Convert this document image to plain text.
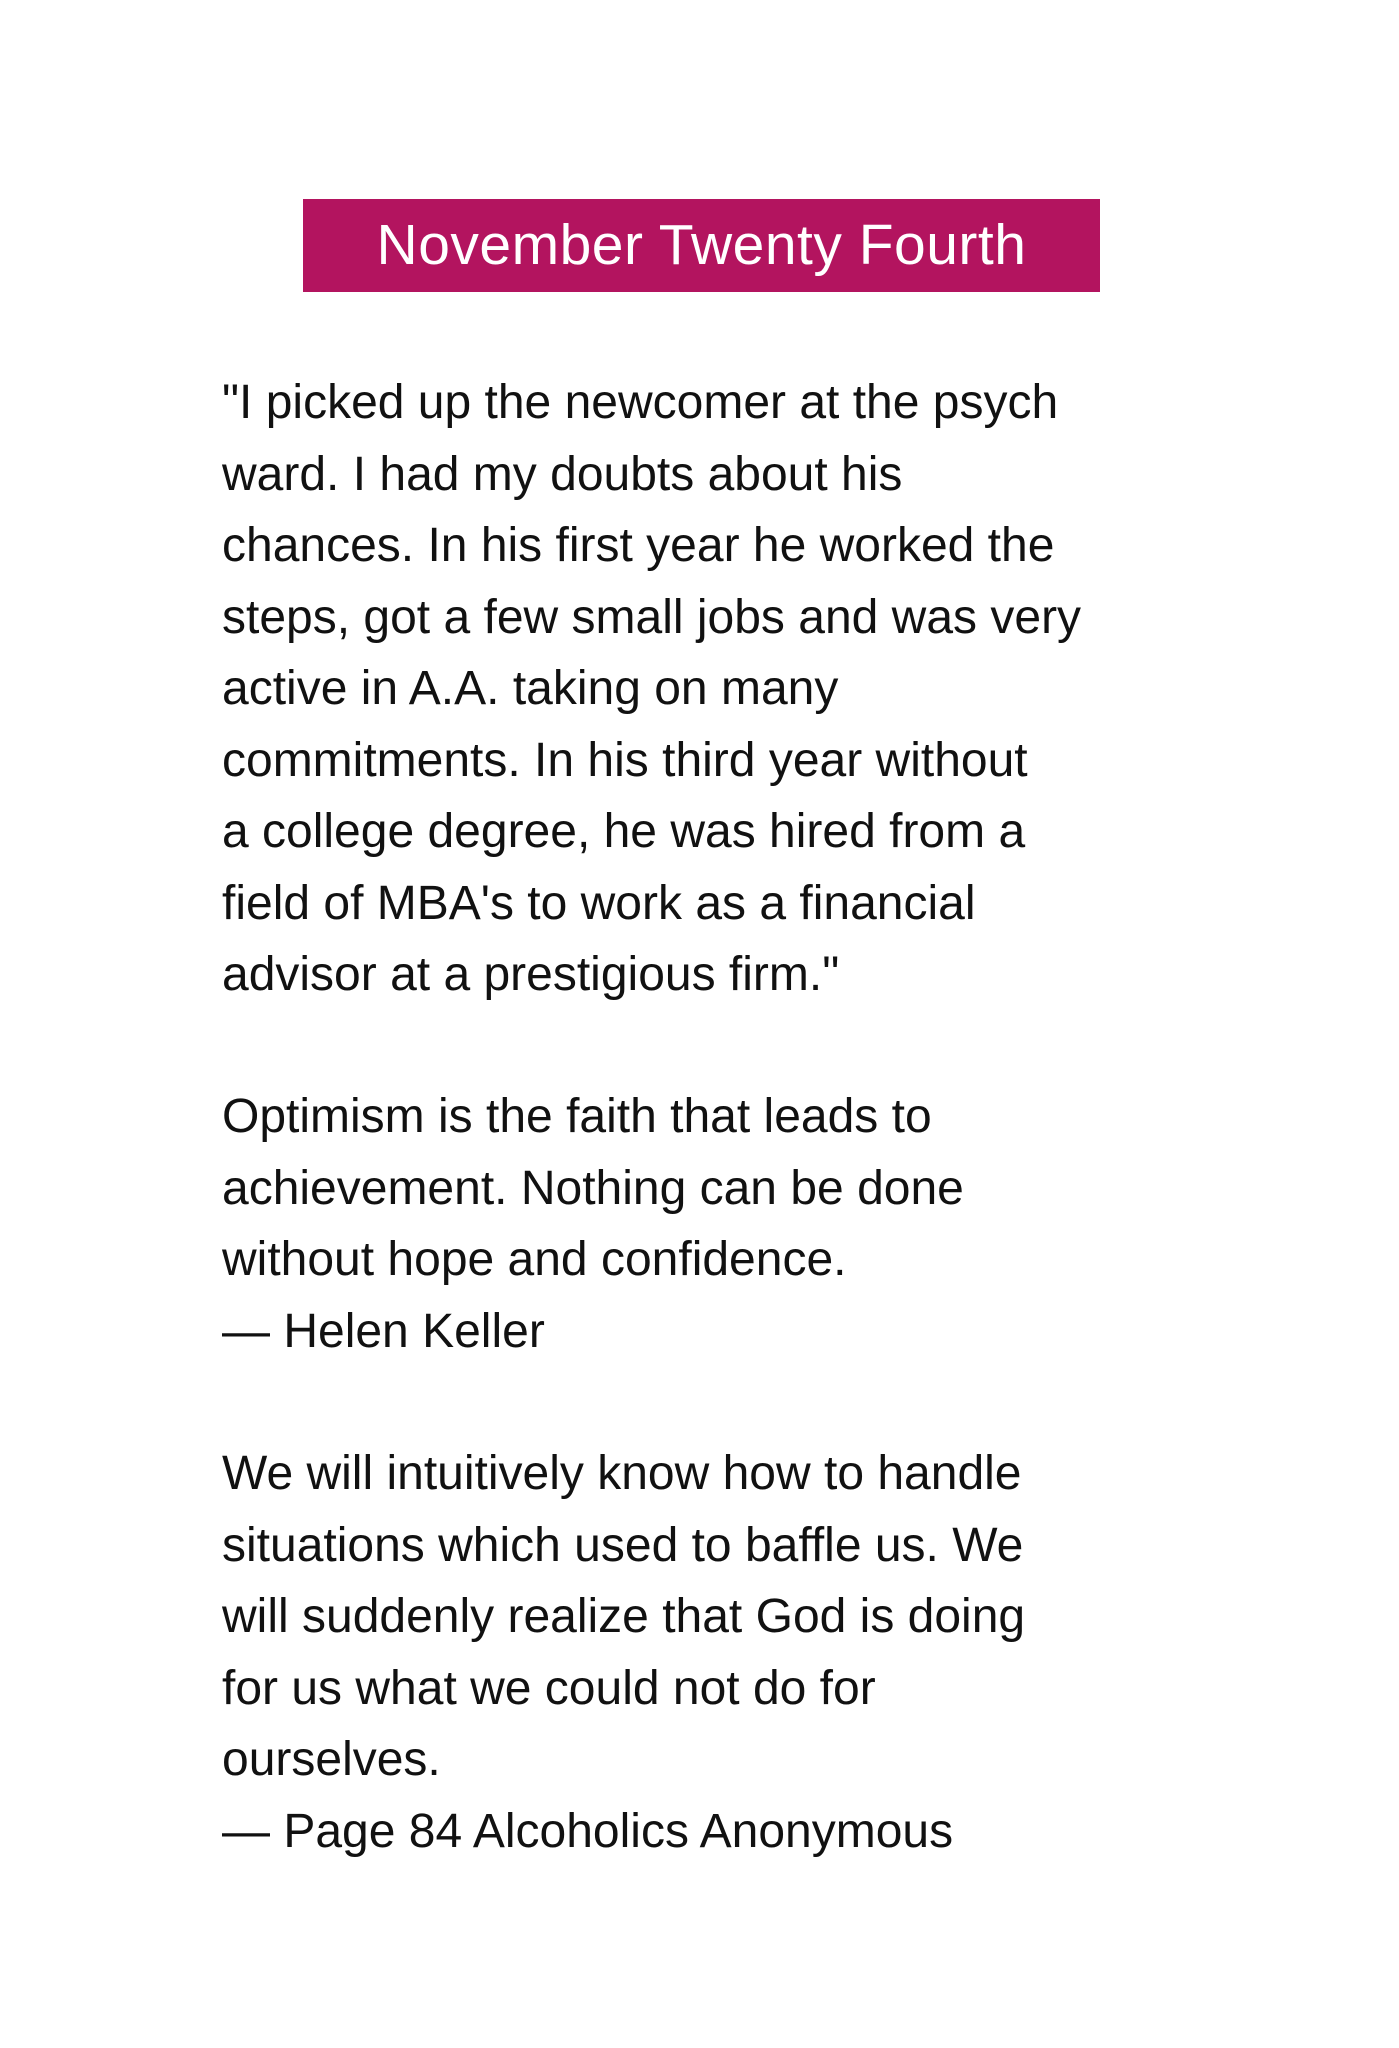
November Twenty Fourth
"I picked up the newcomer at the psych
ward. I had my doubts about his
chances. In his first year he worked the
steps, got a few small jobs and was very
active in A.A. taking on many
commitments. In his third year without
a college degree, he was hired from a
field of MBA's to work as a financial
advisor at a prestigious firm."
Optimism is the faith that leads to
achievement. Nothing can be done
without hope and confidence.
— Helen Keller
We will intuitively know how to handle
situations which used to baffle us. We
will suddenly realize that God is doing
for us what we could not do for
ourselves.
— Page 84 Alcoholics Anonymous
